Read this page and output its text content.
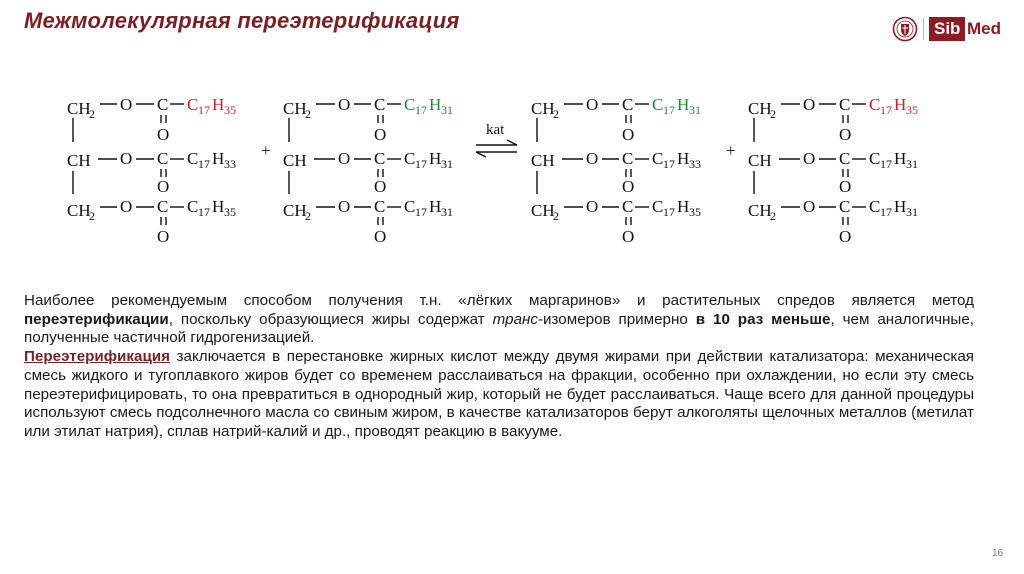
Межмолекулярная переэтерификация	Sib Med
CH
2 O C C 17 H 35
O
CH O C C 17 H 33
O
CH
2 O C C 17 H 35
O
+
CH
2 O C C 17 H 31
O
CH O C C 17 H 31
O
CH
2 O C C 17 H 31
O
kat
CH
2 O C C 17 H 31
O
CH O C C 17 H 33
O
CH
2 O C C 17 H 35
O
+
CH
2 O C C 17 H 35
O
CH O C C 17 H 31
O
CH
2 O C C 17 H 31
O

Наиболее рекомендуемым способом получения т.н. «лёгких маргаринов» и растительных спредов является метод переэтерификации, поскольку образующиеся жиры содержат транс-изомеров примерно в 10 раз меньше, чем аналогичные, полученные частичной гидрогенизацией.

Переэтерификация заключается в перестановке жирных кислот между двумя жирами при действии катализатора: механическая смесь жидкого и тугоплавкого жиров будет со временем расслаиваться на фракции, особенно при охлаждении, но если эту смесь переэтерифицировать, то она превратиться в однородный жир, который не будет расслаиваться. Чаще всего для данной процедуры используют смесь подсолнечного масла со свиным жиром, в качестве катализаторов берут алкоголяты щелочных металлов (метилат или этилат натрия), сплав натрий-калий и др., проводят реакцию в вакууме.

16
